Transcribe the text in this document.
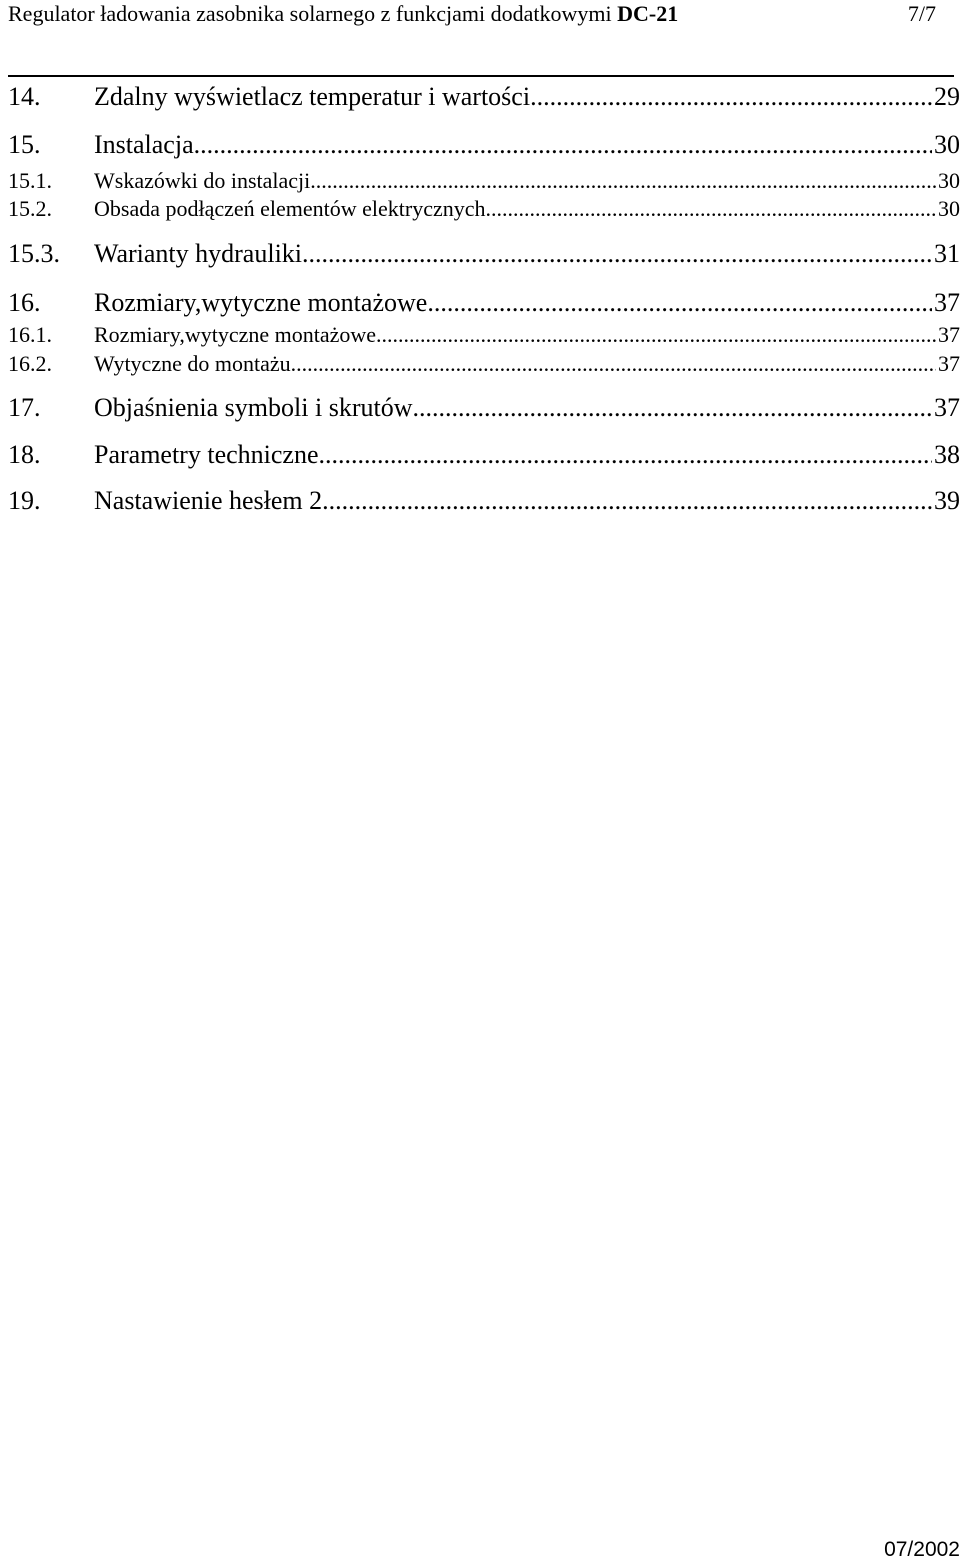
Regulator ładowania zasobnika solarnego z funkcjami dodatkowymi DC-21	7/7
14.	Zdalny wyświetlacz temperatur i wartości .....	29
15.	Instalacja .....	30
15.1.	Wskazówki do instalacji .....	30
15.2.	Obsada podłączeń elementów elektrycznych .....	30
15.3.	Warianty hydrauliki .....	31
16.	Rozmiary,wytyczne montażowe .....	37
16.1.	Rozmiary,wytyczne montażowe .....	37
16.2.	Wytyczne do montażu .....	37
17.	Objaśnienia symboli i skrutów .....	37
18.	Parametry techniczne .....	38
19.	Nastawienie hesłem 2 .....	39
07/2002
